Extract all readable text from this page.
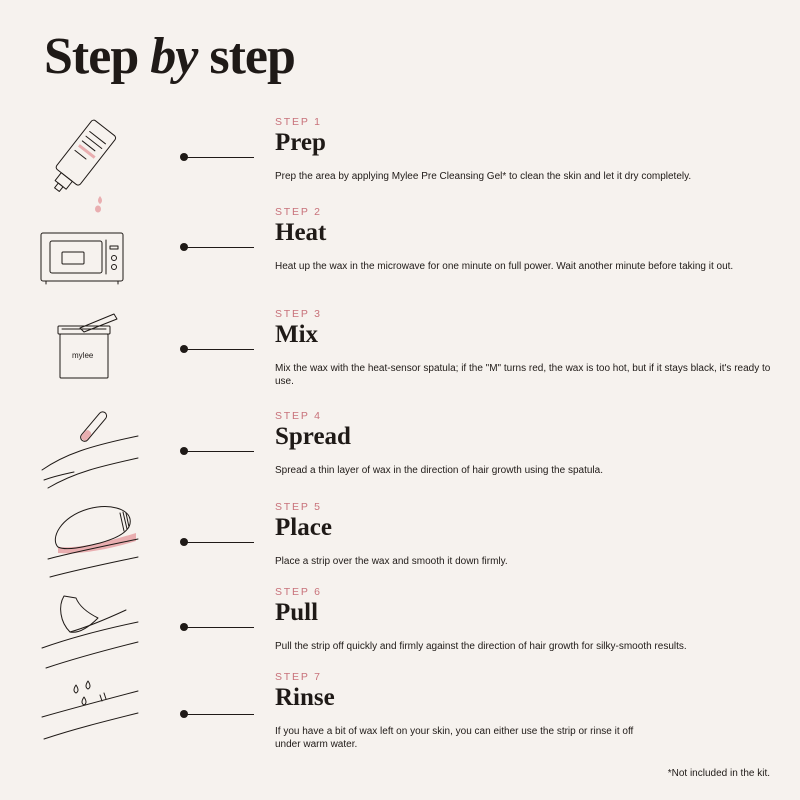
Step by step
STEP 1
Prep

Prep the area by applying Mylee Pre Cleansing Gel* to clean the skin and let it dry completely.

STEP 2
Heat

Heat up the wax in the microwave for one minute on full power. Wait another minute before taking it out.

mylee
STEP 3
Mix

Mix the wax with the heat-sensor spatula; if the "M" turns red, the wax is too hot, but if it stays black, it's ready to use.

STEP 4
Spread

Spread a thin layer of wax in the direction of hair growth using the spatula.

STEP 5
Place

Place a strip over the wax and smooth it down firmly.

STEP 6
Pull

Pull the strip off quickly and firmly against the direction of hair growth for silky-smooth results.

STEP 7
Rinse

If you have a bit of wax left on your skin, you can either use the strip or rinse it off under warm water.

*Not included in the kit.
